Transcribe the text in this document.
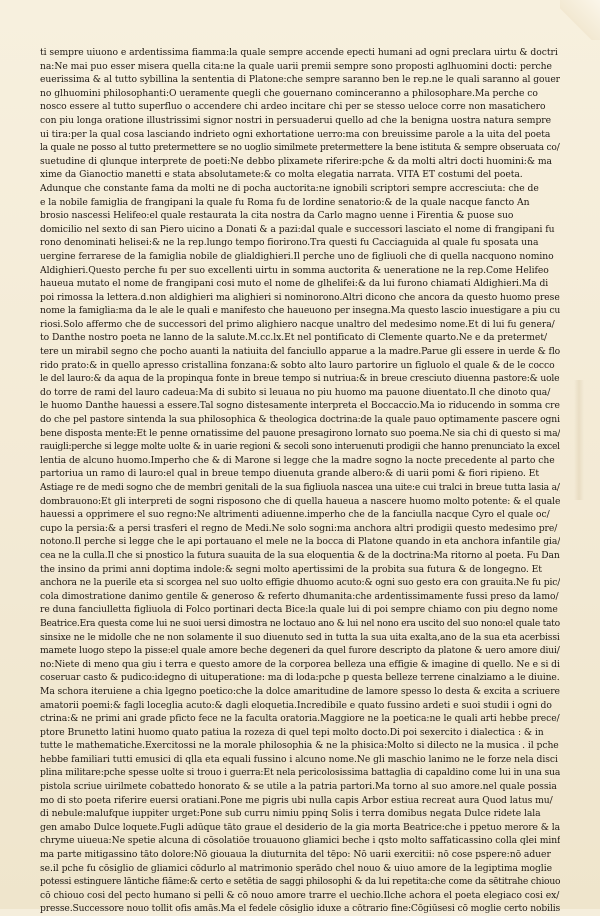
ti sempre uiuono e ardentissima fiamma:la quale sempre accende epecti humani ad ogni preclara uirtu & doctri
na:Ne mai puo esser misera quella cita:ne la quale uarii premii sempre sono proposti aglhuomini docti: perche
euerissima & al tutto sybillina la sententia di Platone:che sempre saranno ben le rep.ne le quali saranno al gouer
no glhuomini philosophanti:O ueramente quegli che gouernano cominceranno a philosophare.Ma perche co
nosco essere al tutto superfluo o accendere chi ardeo incitare chi per se stesso ueloce corre non masatichero
con piu longa oratione illustrissimi signor nostri in persuaderui quello ad che la benigna uostra natura sempre
ui tira:per la qual cosa lasciando indrieto ogni exhortatione uerro:ma con breuissime parole a la uita del poeta
la quale ne posso al tutto pretermettere se no uoglio similmete pretermettere la bene istituta & sempre obseruata co/
suetudine di qlunque interprete de poeti:Ne debbo plixamete riferire:pche & da molti altri docti huomini:& ma
xime da Gianoctio manetti e stata absolutamete:& co molta elegatia narrata. VITA ET costumi del poeta.
Adunque che constante fama da molti ne di pocha auctorita:ne ignobili scriptori sempre accresciuta: che de
e la nobile famiglia de frangipani la quale fu Roma fu de lordine senatorio:& de la quale nacque fancto An
brosio nascessi Helifeo:el quale restaurata la cita nostra da Carlo magno uenne i Firentia & puose suo
domicilio nel sexto di san Piero uicino a Donati & a pazi:dal quale e successori lasciato el nome di frangipani fu
rono denominati helisei:& ne la rep.lungo tempo fiorirono.Tra questi fu Cacciaguida al quale fu sposata una
uergine ferrarese de la famiglia nobile de glialdighieri.Il perche uno de figliuoli che di quella nacquono nomino
Aldighieri.Questo perche fu per suo excellenti uirtu in somma auctorita & ueneratione ne la rep.Come Helifeo
haueua mutato el nome de frangipani cosi muto el nome de glhelifei:& da lui furono chiamati Aldighieri.Ma di
poi rimossa la lettera.d.non aldighieri ma alighieri si nominorono.Altri dicono che ancora da questo huomo prese
nome la famiglia:ma da le ale le quali e manifesto che haueuono per insegna.Ma questo lascio inuestigare a piu cu
riosi.Solo affermo che de successori del primo alighiero nacque unaltro del medesimo nome.Et di lui fu genera/
to Danthe nostro poeta ne lanno de la salute.M.cc.lx.Et nel pontificato di Clemente quarto.Ne e da pretermet/
tere un mirabil segno che pocho auanti la natiuita del fanciullo apparue a la madre.Parue gli essere in uerde & flo
rido prato:& in quello apresso cristallina fonzana:& sobto alto lauro partorire un figluolo el quale & de le cocco
le del lauro:& da aqua de la propinqua fonte in breue tempo si nutriua:& in breue cresciuto diuenna pastore:& uole
do torre de rami del lauro cadeua:Ma di subito si leuaua no piu huomo ma pauone diuentato.Il che dinoto qua/
le huomo Danthe hauessi a essere.Tal sogno distesamente interpreta el Boccaccio.Ma io riducendo in somma cre
do che pel pastore sintenda la sua philosophica & theologica doctrina:de la quale pauo optimamente pascere ogni
bene disposta mente:Et le penne ornatissime del pauone presagirono lornato suo poema.Ne sia chi di questo si ma/
rauigli:perche si legge molte uolte & in uarie regioni & secoli sono interuenuti prodigii che hanno prenunciato la excel
lentia de alcuno huomo.Imperho che & di Marone si legge che la madre sogno la nocte precedente al parto che
partoriua un ramo di lauro:el qual in breue tempo diuenuta grande albero:& di uarii pomi & fiori ripieno. Et
Astiage re de medi sogno che de membri genitali de la sua figliuola nascea una uite:e cui tralci in breue tutta lasia a/
dombrauono:Et gli interpreti de sogni risposono che di quella haueua a nascere huomo molto potente: & el quale
hauessi a opprimere el suo regno:Ne altrimenti adiuenne.imperho che de la fanciulla nacque Cyro el quale oc/
cupo la persia:& a persi trasferi el regno de Medi.Ne solo sogni:ma anchora altri prodigii questo medesimo pre/
notono.Il perche si legge che le api portauano el mele ne la bocca di Platone quando in eta anchora infantile gia/
cea ne la culla.Il che si pnostico la futura suauita de la sua eloquentia & de la doctrina:Ma ritorno al poeta. Fu Dan
the insino da primi anni doptima indole:& segni molto apertissimi de la probita sua futura & de longegno. Et
anchora ne la puerile eta si scorgea nel suo uolto effigie dhuomo acuto:& ogni suo gesto era con grauita.Ne fu pic/
cola dimostratione danimo gentile & generoso & referto dhumanita:che ardentissimamente fussi preso da lamo/
re duna fanciulletta figliuola di Folco portinari decta Bice:la quale lui di poi sempre chiamo con piu degno nome
Beatrice.Era questa come lui ne suoi uersi dimostra ne loctauo ano & lui nel nono era uscito del suo nono:el quale tato
sinsixe ne le midolle che ne non solamente il suo diuenuto sed in tutta la sua uita exalta,ano de la sua eta acerbissi
mamete luogo stepo la pisse:el quale amore beche degeneri da quel furore descripto da platone & uero amore diui/
no:Niete di meno qua giu i terra e questo amore de la corporea belleza una effigie & imagine di quello. Ne e si di
coseruar casto & pudico:idegno di uituperatione: ma di loda:pche p questa belleze terrene cinalziamo a le diuine.
Ma schora iteruiene a chia lgegno poetico:che la dolce amaritudine de lamore spesso lo desta & excita a scriuere
amatorii poemi:& fagli loceglia acuto:& dagli eloquetia.Incredibile e quato fussino ardeti e suoi studii i ogni do
ctrina:& ne primi ani grade pficto fece ne la faculta oratoria.Maggiore ne la poetica:ne le quali arti hebbe prece/
ptore Brunetto latini huomo quato patiua la rozeza di quel tepi molto docto.Di poi sexercito i dialectica : & in
tutte le mathematiche.Exercitossi ne la morale philosophia & ne la phisica:Molto si dilecto ne la musica . il pche
hebbe familiari tutti emusici di qlla eta equali fussino i alcuno nome.Ne gli maschio lanimo ne le forze nela disci
plina militare:pche spesse uolte si trouo i guerra:Et nela pericolosissima battaglia di capaldino come lui in una sua
pistola scriue uirilmete cobattedo honorato & se utile a la patria partori.Ma torno al suo amore.nel quale possia
mo di sto poeta riferire euersi oratiani.Pone me pigris ubi nulla capis Arbor estiua recreat aura Quod latus mu/
di nebule:malufque iuppiter urget:Pone sub curru nimiu ppinq Solis i terra domibus negata Dulce ridete lala
gen amabo Dulce loquete.Fugli adūque tāto graue el desiderio de la gia morta Beatrice:che i ppetuo merore & la
chryme uiueua:Ne spetie alcuna di cōsolatiōe trouauono gliamici beche i qsto molto saffaticassino colla qlei minf
ma parte mitigassino tāto dolore:Nō giouaua la diuturnita del tēpo: Nō uarii exercitii: nō cose pspere:nō aduer
se.il pche fu cōsiglio de gliamici cōdurlo al matrimonio sperādo chel nouo & uiuo amore de la legiptima moglie
potessi estinguere lāntiche fiāme:& certo e setētia de saggi philosophi & da lui repetita:che come da sētitrahe chiouo
cō chiouo cosi del pecto humano si pelli & cō nouo amore trarre el uechio.Ilche achora el poeta elegiaco cosi ex/
presse.Successore nouo tollit ofis amās.Ma el fedele cōsiglio iduxe a cōtrario fine:Cōgiūsesi cō moglie certo nobilis
